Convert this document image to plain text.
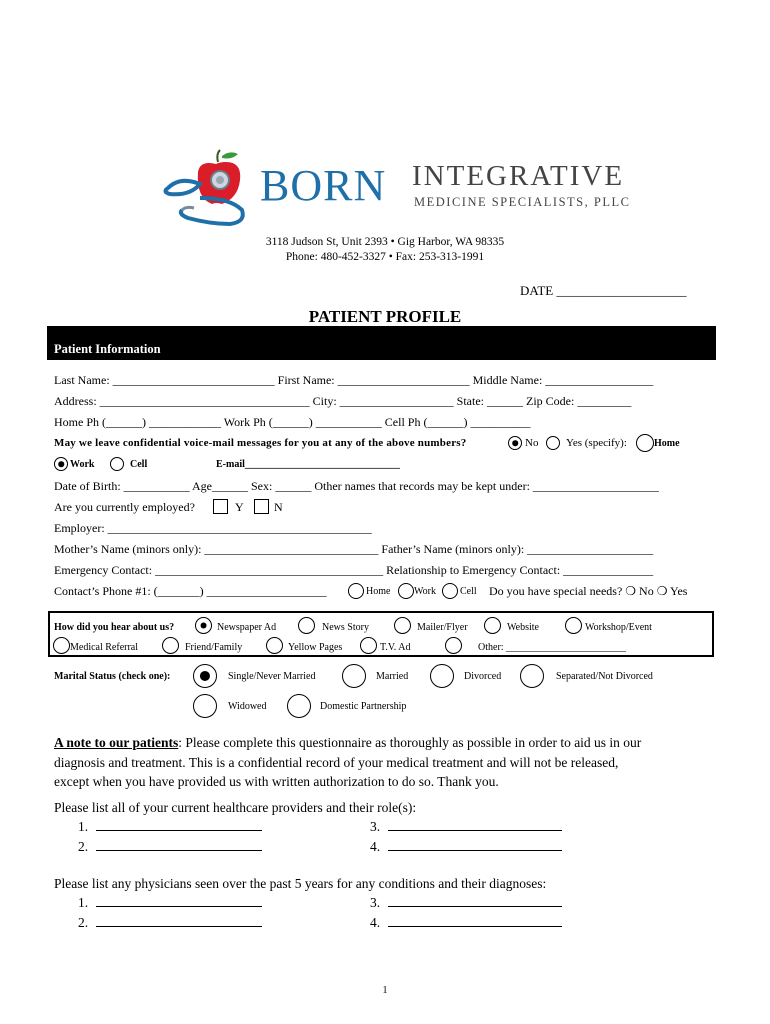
BORN INTEGRATIVE
MEDICINE SPECIALISTS, PLLC
3118 Judson St, Unit 2393 • Gig Harbor, WA 98335
Phone: 480-452-3327 • Fax: 253-313-1991
DATE ____________________
PATIENT PROFILE
Patient Information
Last Name: ___________________________ First Name: ______________________ Middle Name: __________________
Address: ___________________________________ City: ___________________ State: ______ Zip Code: _________
Home Ph (______) ____________ Work Ph (______) ___________ Cell Ph (______) __________
May we leave confidential voice-mail messages for you at any of the above numbers?	No	Yes (specify):	Home
Work	Cell	E-mail_______________________________
Date of Birth: ___________ Age______ Sex: ______ Other names that records may be kept under: _____________________
Are you currently employed?	Y	N
Employer: ____________________________________________
Mother’s Name (minors only): _____________________________ Father’s Name (minors only): _____________________
Emergency Contact: ______________________________________ Relationship to Emergency Contact: _______________
Contact’s Phone #1: (_______) ____________________	Home Work Cell Do you have special needs? ❍ No ❍ Yes
How did you hear about us?	Newspaper Ad	News Story	Mailer/Flyer	Website	Workshop/Event
Medical Referral	Friend/Family	Yellow Pages	T.V. Ad	Other: ________________________
Marital Status (check one):	Single/Never Married	Married	Divorced	Separated/Not Divorced
Widowed	Domestic Partnership
A note to our patients: Please complete this questionnaire as thoroughly as possible in order to aid us in our
diagnosis and treatment. This is a confidential record of your medical treatment and will not be released,
except when you have provided us with written authorization to do so. Thank you.
Please list all of your current healthcare providers and their role(s):
1.
2.
3.
4.
Please list any physicians seen over the past 5 years for any conditions and their diagnoses:
1.
2.
3.
4.
1
